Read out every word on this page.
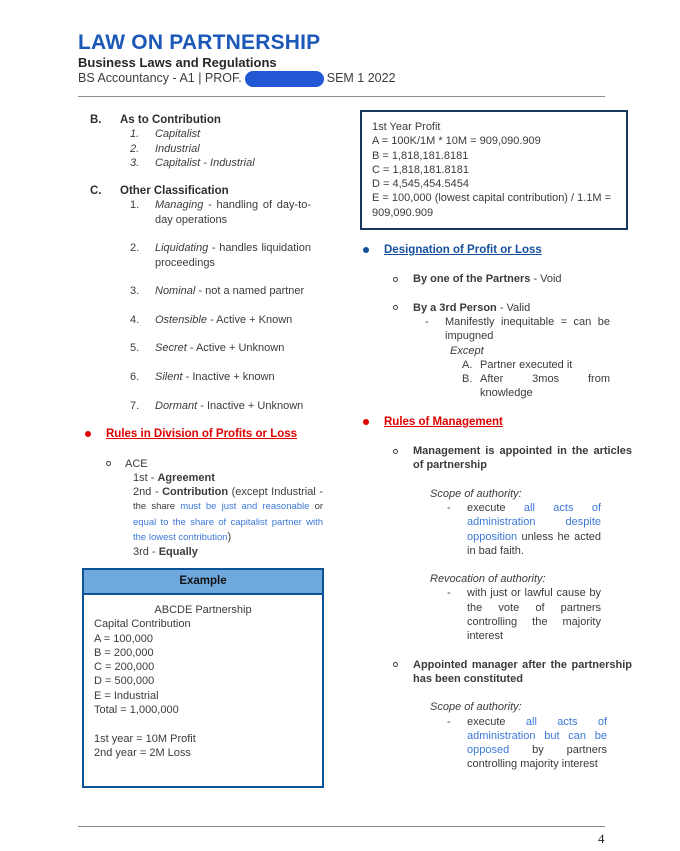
LAW ON PARTNERSHIP
Business Laws and Regulations
BS Accountancy - A1 | PROF.	SEM 1 2022
B.	As to Contribution
1.	Capitalist
2.	Industrial
3.	Capitalist - Industrial
C.	Other Classification
1.	Managing - handling of day-to-day operations
2.	Liquidating - handles liquidation proceedings
3.	Nominal - not a named partner
4.	Ostensible - Active + Known
5.	Secret - Active + Unknown
6.	Silent - Inactive + known
7.	Dormant - Inactive + Unknown
Rules in Division of Profits or Loss
ACE
1st - Agreement
2nd - Contribution (except Industrial - the share must be just and reasonable or equal to the share of capitalist partner with the lowest contribution)
3rd - Equally
Example
ABCDE Partnership
Capital Contribution
A = 100,000
B = 200,000
C = 200,000
D = 500,000
E = Industrial
Total = 1,000,000
1st year = 10M Profit
2nd year = 2M Loss
1st Year Profit
A = 100K/1M * 10M = 909,090.909
B = 1,818,181.8181
C = 1,818,181.8181
D = 4,545,454.5454
E = 100,000 (lowest capital contribution) / 1.1M = 909,090.909
Designation of Profit or Loss
By one of the Partners - Void
By a 3rd Person - Valid
-	Manifestly inequitable = can be impugned
Except
A. Partner executed it
B. After 3mos from knowledge
Rules of Management
Management is appointed in the articles of partnership
Scope of authority:
-	execute all acts of administration despite opposition unless he acted in bad faith.
Revocation of authority:
-	with just or lawful cause by the vote of partners controlling the majority interest
Appointed manager after the partnership has been constituted
Scope of authority:
-	execute all acts of administration but can be opposed by partners controlling majority interest
4
